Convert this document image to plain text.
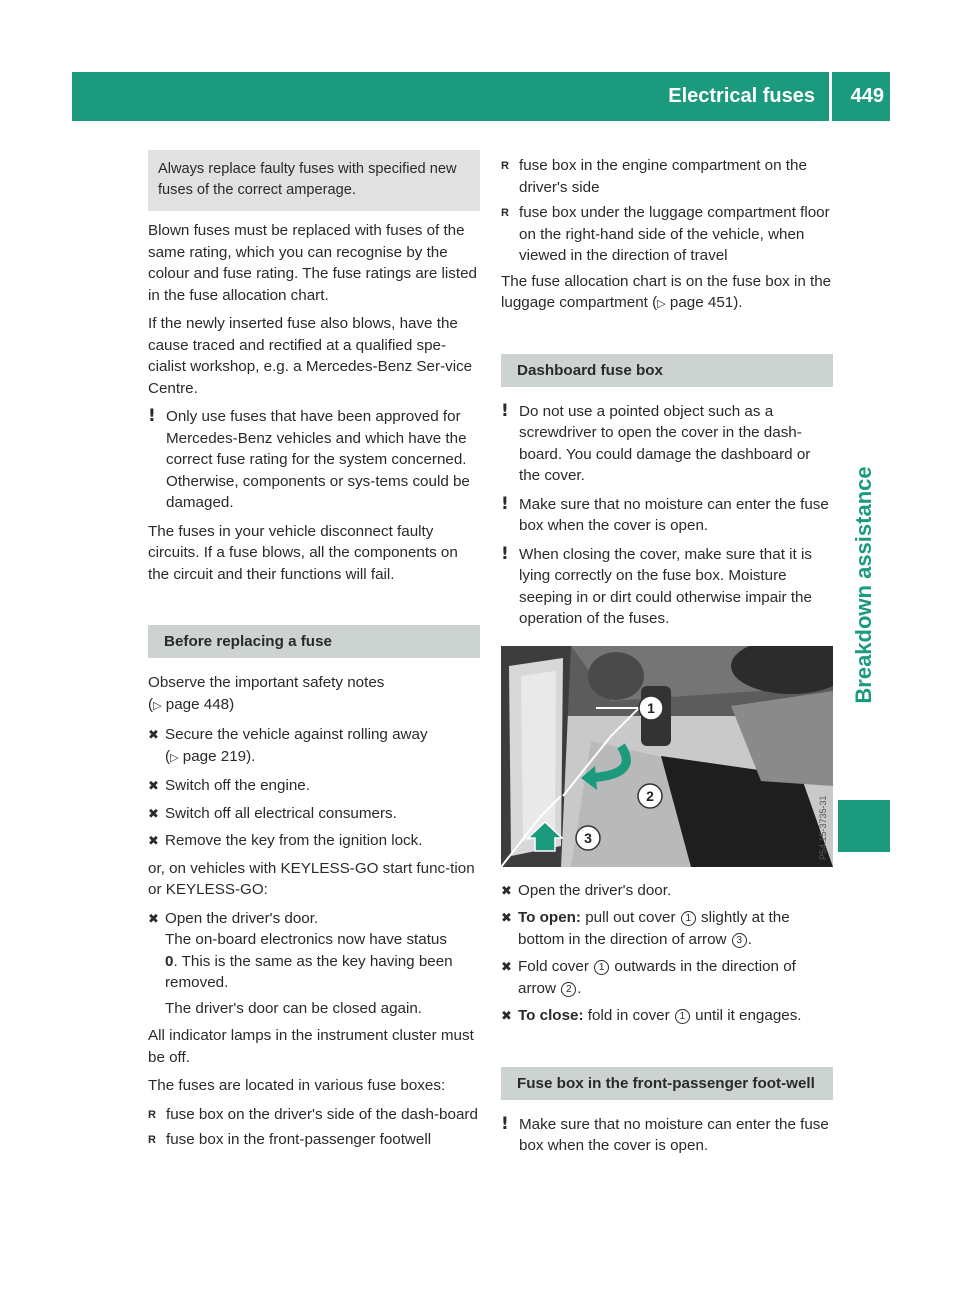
Electrical fuses 449
Breakdown assistance
Always replace faulty fuses with specified new fuses of the correct amperage.

Blown fuses must be replaced with fuses of the same rating, which you can recognise by the colour and fuse rating. The fuse ratings are listed in the fuse allocation chart.

If the newly inserted fuse also blows, have the cause traced and rectified at a qualified spe-cialist workshop, e.g. a Mercedes-Benz Ser-vice Centre.

! Only use fuses that have been approved for Mercedes-Benz vehicles and which have the correct fuse rating for the system concerned. Otherwise, components or sys-tems could be damaged.

The fuses in your vehicle disconnect faulty circuits. If a fuse blows, all the components on the circuit and their functions will fail.

Before replacing a fuse

Observe the important safety notes
(▷ page 448)

✖ Secure the vehicle against rolling away
(▷ page 219).
✖ Switch off the engine.
✖ Switch off all electrical consumers.
✖ Remove the key from the ignition lock.

or, on vehicles with KEYLESS-GO start func-tion or KEYLESS-GO:

✖ Open the driver's door.
The on-board electronics now have status
0. This is the same as the key having been removed.
The driver's door can be closed again.

All indicator lamps in the instrument cluster must be off.

The fuses are located in various fuse boxes:

R fuse box on the driver's side of the dash-board
R fuse box in the front-passenger footwell
R fuse box in the engine compartment on the driver's side
R fuse box under the luggage compartment floor on the right-hand side of the vehicle, when viewed in the direction of travel

The fuse allocation chart is on the fuse box in the luggage compartment (▷ page 451).

Dashboard fuse box
! Do not use a pointed object such as a screwdriver to open the cover in the dash-board. You could damage the dashboard or the cover.
! Make sure that no moisture can enter the fuse box when the cover is open.
! When closing the cover, make sure that it is lying correctly on the fuse box. Moisture seeping in or dirt could otherwise impair the operation of the fuses.
1
2
3	P54.15-3735-31
✖ Open the driver's door.
✖ To open: pull out cover 1 slightly at the bottom in the direction of arrow 3 .
✖ Fold cover 1 outwards in the direction of arrow 2 .
✖ To close: fold in cover 1 until it engages.
Fuse box in the front-passenger foot-well
! Make sure that no moisture can enter the fuse box when the cover is open.
